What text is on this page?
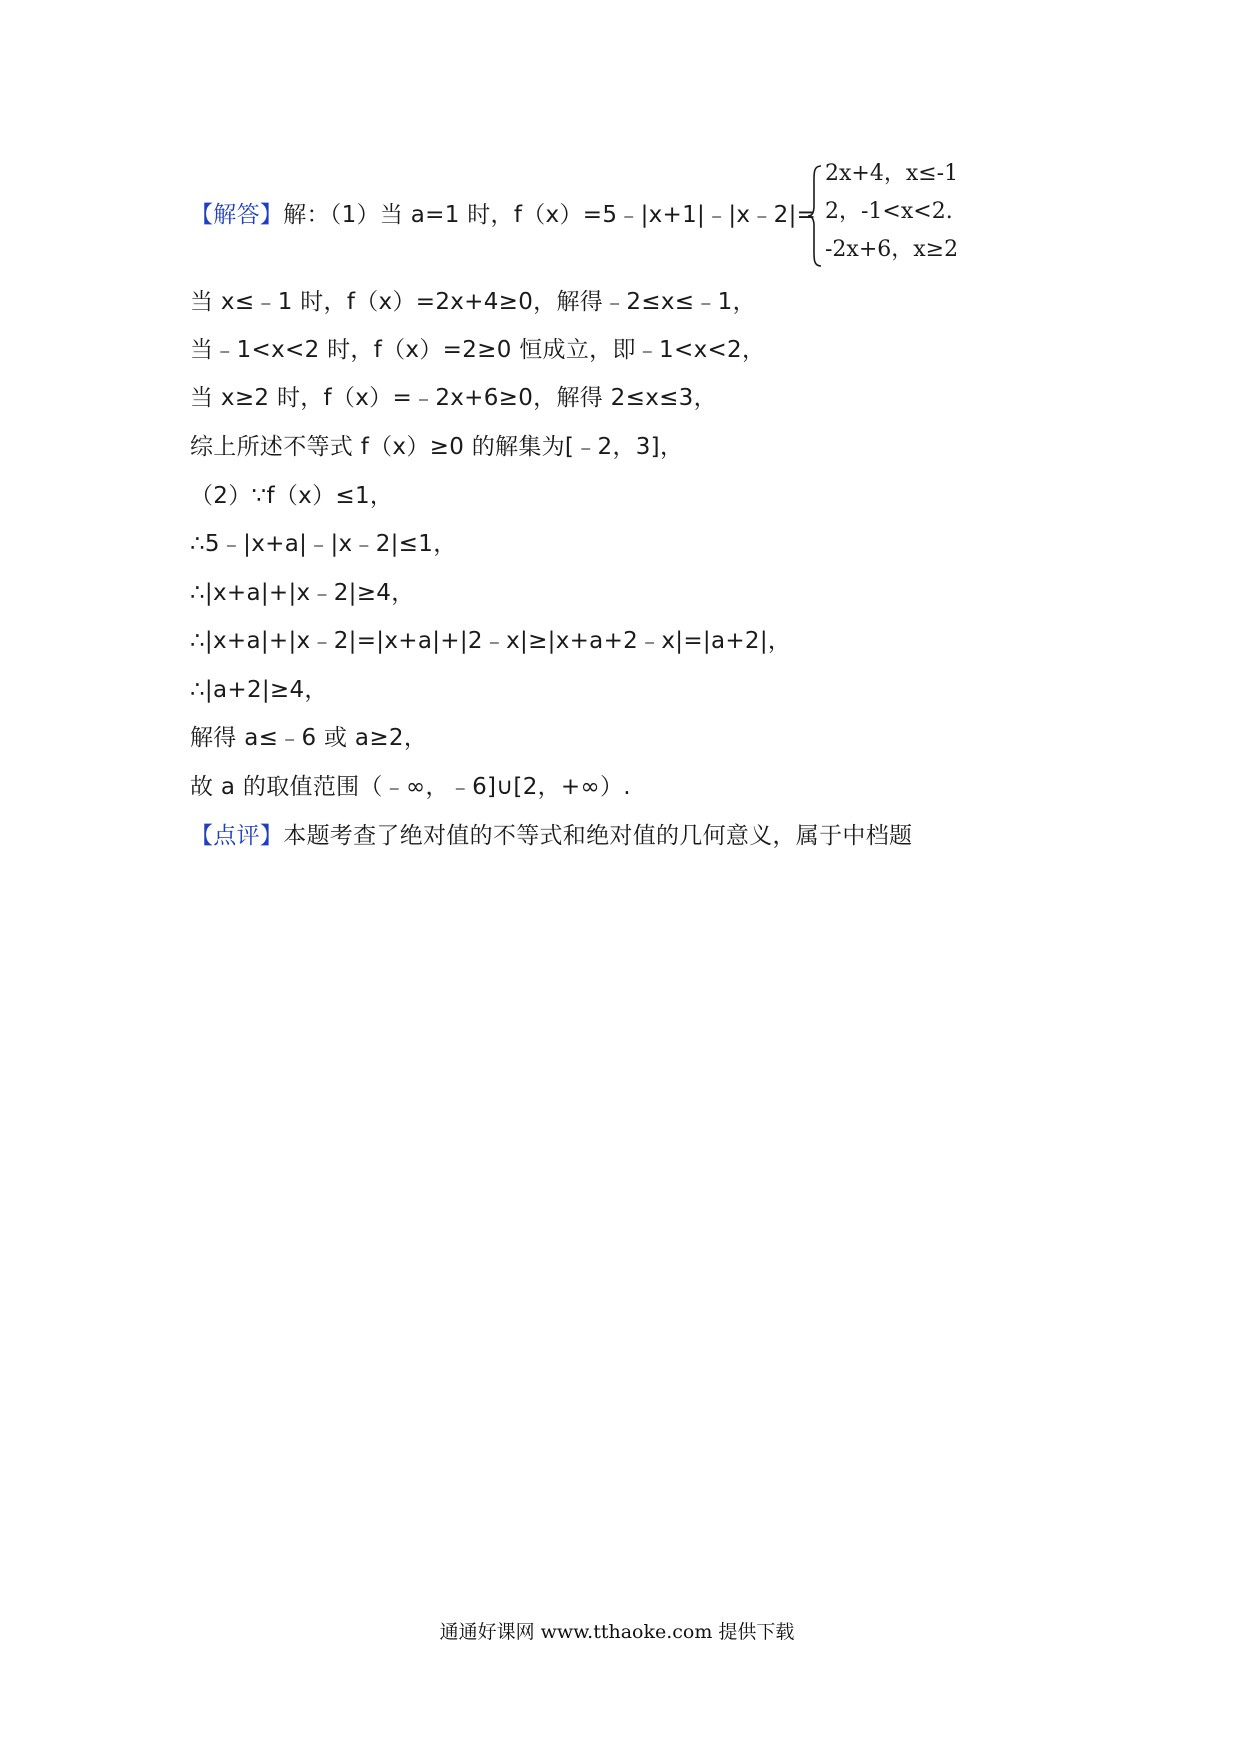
【解答】解：（1）当 a=1 时，f（x）=5﹣|x+1|﹣|x﹣2|=
2x+4，x≤-1
2，-1<x<2.
-2x+6，x≥2
当 x≤﹣1 时，f（x）=2x+4≥0，解得﹣2≤x≤﹣1，
当﹣1<x<2 时，f（x）=2≥0 恒成立，即﹣1<x<2，
当 x≥2 时，f（x）=﹣2x+6≥0，解得 2≤x≤3，
综上所述不等式 f（x）≥0 的解集为[﹣2，3]，
（2）∵f（x）≤1，
∴5﹣|x+a|﹣|x﹣2|≤1，
∴|x+a|+|x﹣2|≥4，
∴|x+a|+|x﹣2|=|x+a|+|2﹣x|≥|x+a+2﹣x|=|a+2|，
∴|a+2|≥4，
解得 a≤﹣6 或 a≥2，
故 a 的取值范围（﹣∞，﹣6]∪[2，+∞）.
【点评】本题考查了绝对值的不等式和绝对值的几何意义，属于中档题
通通好课网 www.tthaoke.com 提供下载
